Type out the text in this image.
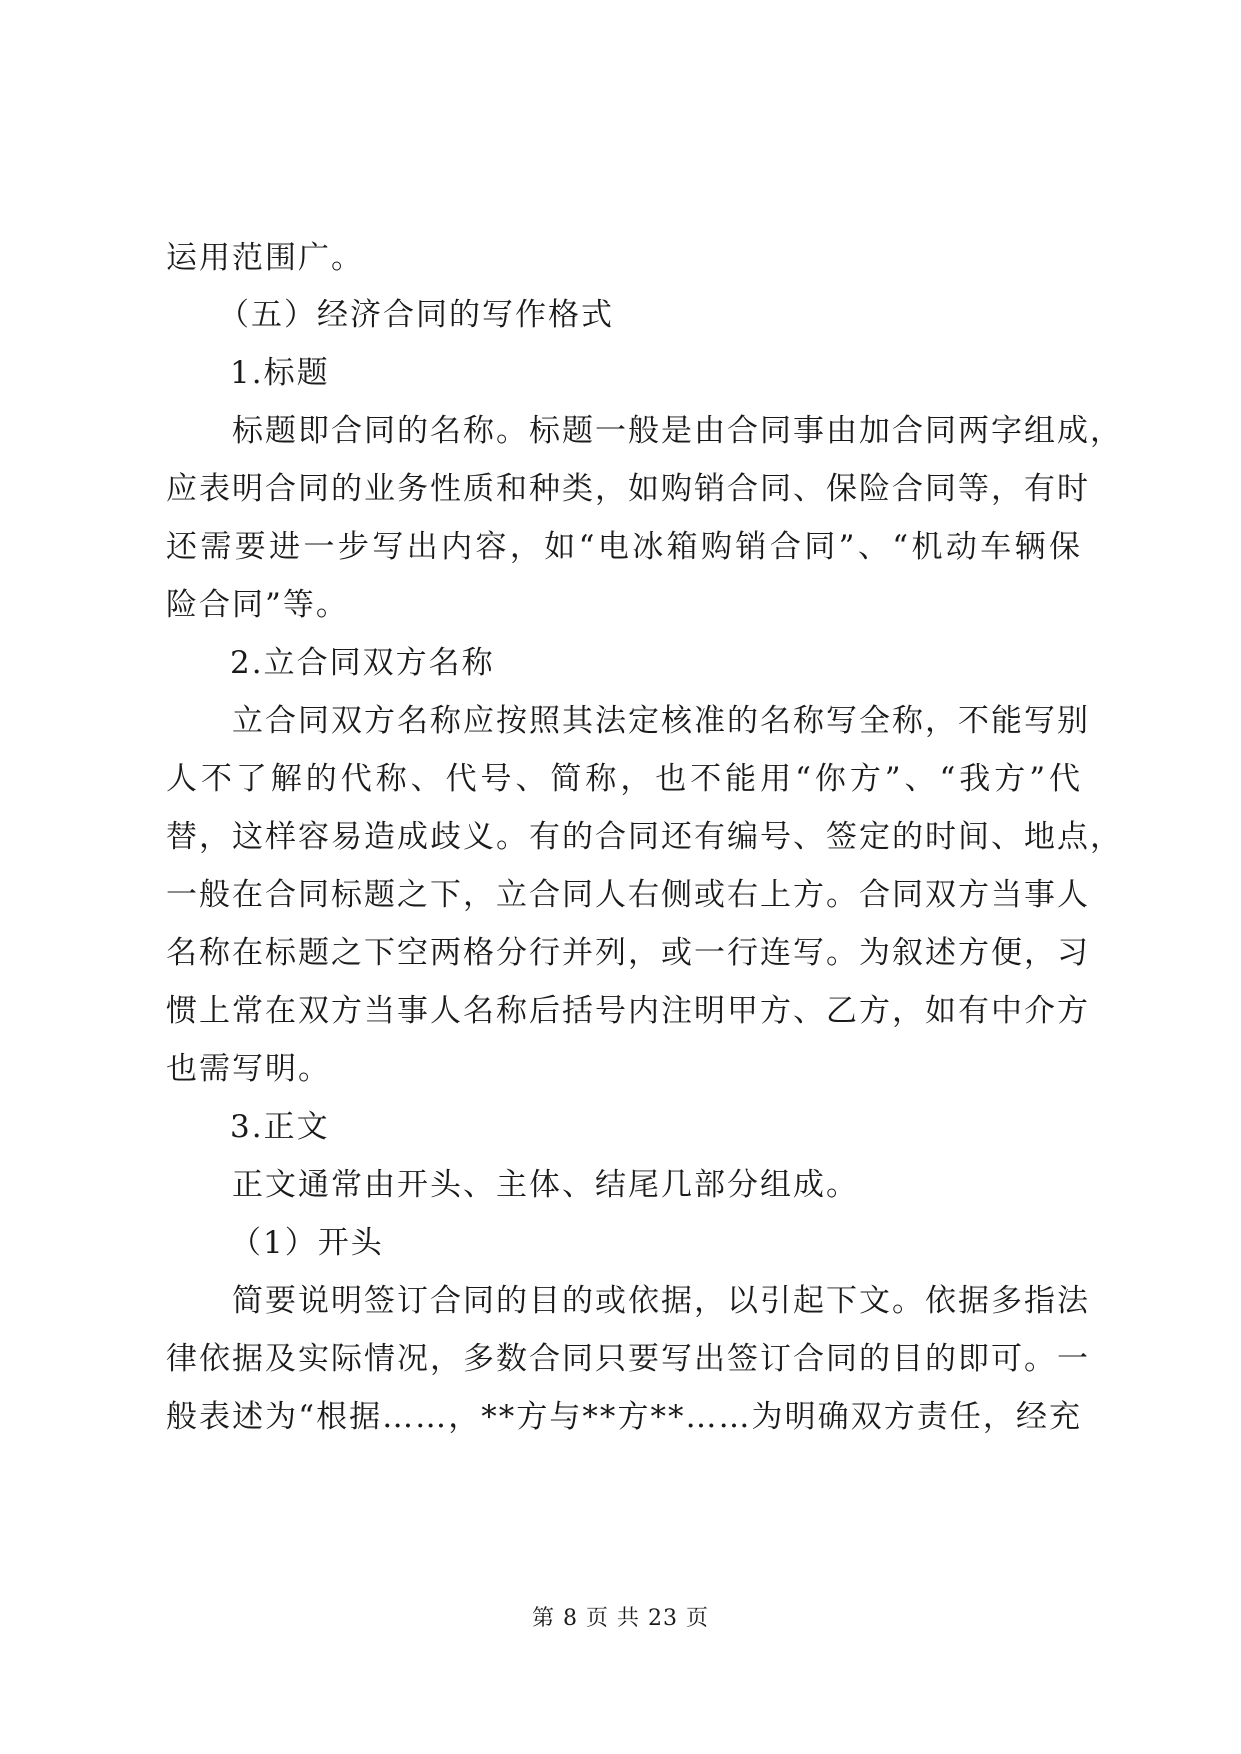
运用范围广。
（五）经济合同的写作格式
1.标题
标题即合同的名称。标题一般是由合同事由加合同两字组成，
应表明合同的业务性质和种类，如购销合同、保险合同等，有时
还需要进一步写出内容，如“电冰箱购销合同”、“机动车辆保
险合同”等。
2.立合同双方名称
立合同双方名称应按照其法定核准的名称写全称，不能写别
人不了解的代称、代号、简称，也不能用“你方”、“我方”代
替，这样容易造成歧义。有的合同还有编号、签定的时间、地点，
一般在合同标题之下，立合同人右侧或右上方。合同双方当事人
名称在标题之下空两格分行并列，或一行连写。为叙述方便，习
惯上常在双方当事人名称后括号内注明甲方、乙方，如有中介方
也需写明。
3.正文
正文通常由开头、主体、结尾几部分组成。
（1）开头
简要说明签订合同的目的或依据，以引起下文。依据多指法
律依据及实际情况，多数合同只要写出签订合同的目的即可。一
般表述为“根据……，**方与**方**……为明确双方责任，经充
第 8 页 共 23 页
